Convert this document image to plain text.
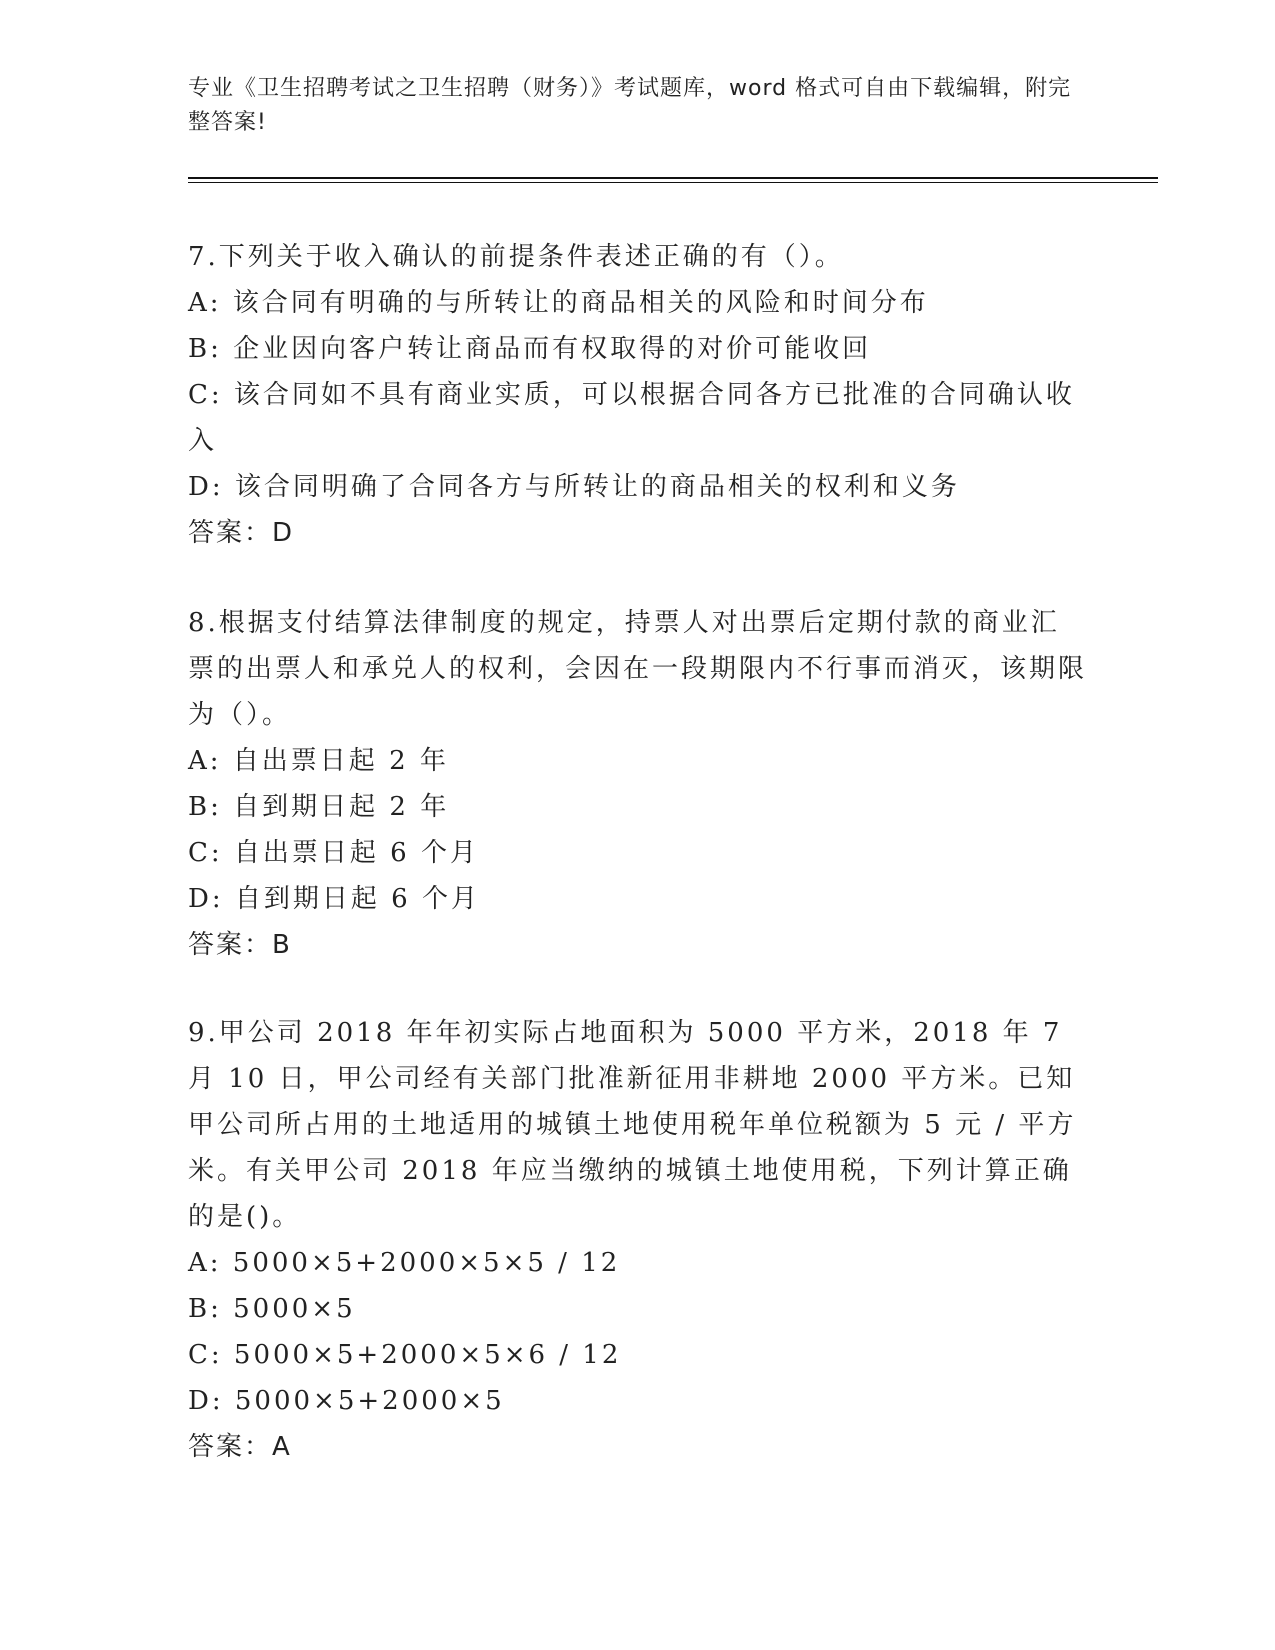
专业《卫生招聘考试之卫生招聘（财务）》考试题库，word 格式可自由下载编辑，附完整答案!

7.下列关于收入确认的前提条件表述正确的有（）。

A: 该合同有明确的与所转让的商品相关的风险和时间分布

B: 企业因向客户转让商品而有权取得的对价可能收回

C: 该合同如不具有商业实质，可以根据合同各方已批准的合同确认收入

D: 该合同明确了合同各方与所转让的商品相关的权利和义务

答案：D

8.根据支付结算法律制度的规定，持票人对出票后定期付款的商业汇票的出票人和承兑人的权利，会因在一段期限内不行事而消灭，该期限为（）。

A: 自出票日起 2 年

B: 自到期日起 2 年

C: 自出票日起 6 个月

D: 自到期日起 6 个月

答案：B

9.甲公司 2018 年年初实际占地面积为 5000 平方米，2018 年 7 月 10 日，甲公司经有关部门批准新征用非耕地 2000 平方米。已知甲公司所占用的土地适用的城镇土地使用税年单位税额为 5 元 / 平方米。有关甲公司 2018 年应当缴纳的城镇土地使用税，下列计算正确的是()。

A: 5000×5+2000×5×5 / 12

B: 5000×5

C: 5000×5+2000×5×6 / 12

D: 5000×5+2000×5

答案：A
